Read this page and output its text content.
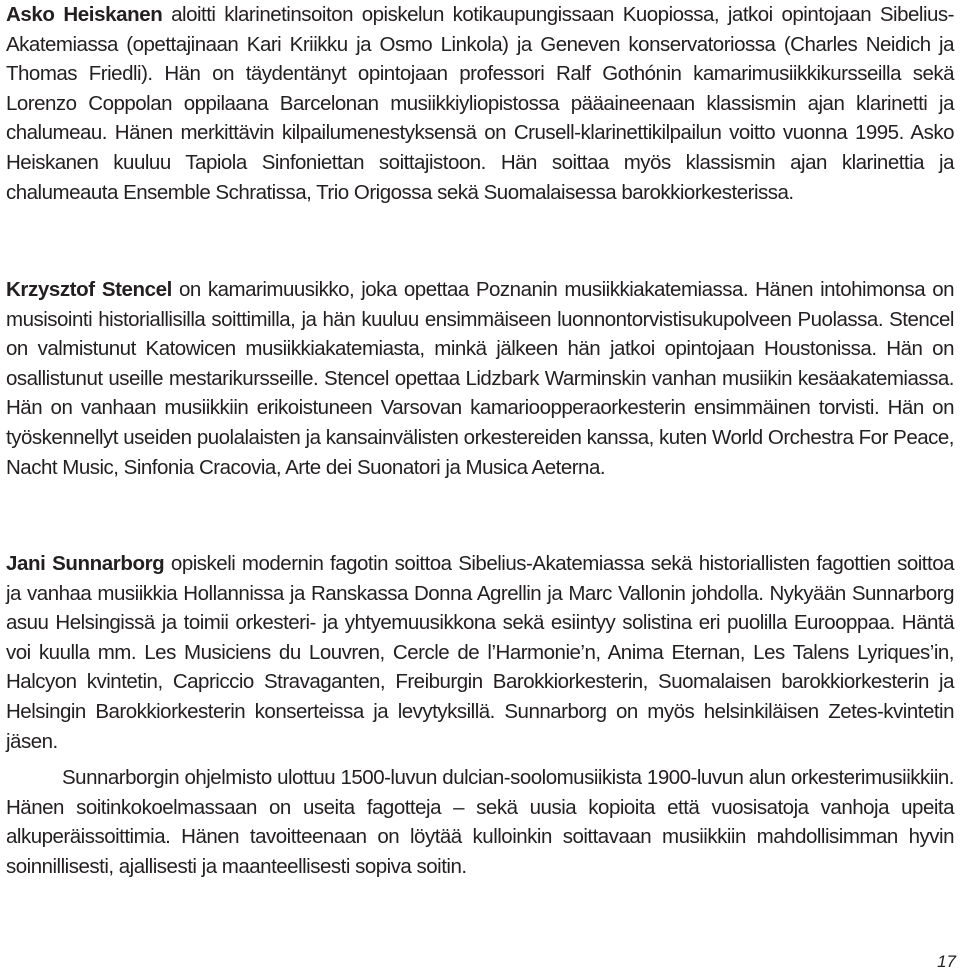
Asko Heiskanen aloitti klarinetinsoiton opiskelun kotikaupungissaan Kuopiossa, jatkoi opintojaan Sibelius-Akatemiassa (opettajinaan Kari Kriikku ja Osmo Linkola) ja Geneven konservatoriossa (Charles Neidich ja Thomas Friedli). Hän on täydentänyt opintojaan professori Ralf Gothónin kamarimusiikkikursseilla sekä Lorenzo Coppolan oppilaana Barcelonan musiikkiyliopistossa pääaineenaan klassismin ajan klarinetti ja chalumeau. Hänen merkittävin kilpailumenestyksensä on Crusell-klarinettikilpailun voitto vuonna 1995. Asko Heiskanen kuuluu Tapiola Sinfoniettan soittajistoon. Hän soittaa myös klassismin ajan klarinettia ja chalumeauta Ensemble Schratissa, Trio Origossa sekä Suomalaisessa barokkiorkesterissa.

Krzysztof Stencel on kamarimuusikko, joka opettaa Poznanin musiikkiakatemiassa. Hänen intohimonsa on musisointi historiallisilla soittimilla, ja hän kuuluu ensimmäiseen luonnontorvistisukupolveen Puolassa. Stencel on valmistunut Katowicen musiikkiakatemiasta, minkä jälkeen hän jatkoi opintojaan Houstonissa. Hän on osallistunut useille mestarikursseille. Stencel opettaa Lidzbark Warminskin vanhan musiikin kesäakatemiassa. Hän on vanhaan musiikkiin erikoistuneen Varsovan kamarioopperaorkesterin ensimmäinen torvisti. Hän on työskennellyt useiden puolalaisten ja kansainvälisten orkestereiden kanssa, kuten World Orchestra For Peace, Nacht Music, Sinfonia Cracovia, Arte dei Suonatori ja Musica Aeterna.

Jani Sunnarborg opiskeli modernin fagotin soittoa Sibelius-Akatemiassa sekä historiallisten fagottien soittoa ja vanhaa musiikkia Hollannissa ja Ranskassa Donna Agrellin ja Marc Vallonin johdolla. Nykyään Sunnarborg asuu Helsingissä ja toimii orkesteri- ja yhtyemuusikkona sekä esiintyy solistina eri puolilla Eurooppaa. Häntä voi kuulla mm. Les Musiciens du Louvren, Cercle de l’Harmonie’n, Anima Eternan, Les Talens Lyriques’in, Halcyon kvintetin, Capriccio Stravaganten, Freiburgin Barokkiorkesterin, Suomalaisen barokkiorkesterin ja Helsingin Barokkiorkesterin konserteissa ja levytyksillä. Sunnarborg on myös helsinkiläisen Zetes-kvintetin jäsen.

Sunnarborgin ohjelmisto ulottuu 1500-luvun dulcian-soolomusiikista 1900-luvun alun orkesterimusiikkiin. Hänen soitinkokoelmassaan on useita fagotteja – sekä uusia kopioita että vuosisatoja vanhoja upeita alkuperäissoittimia. Hänen tavoitteenaan on löytää kulloinkin soittavaan musiikkiin mahdollisimman hyvin soinnillisesti, ajallisesti ja maanteellisesti sopiva soitin.

17
